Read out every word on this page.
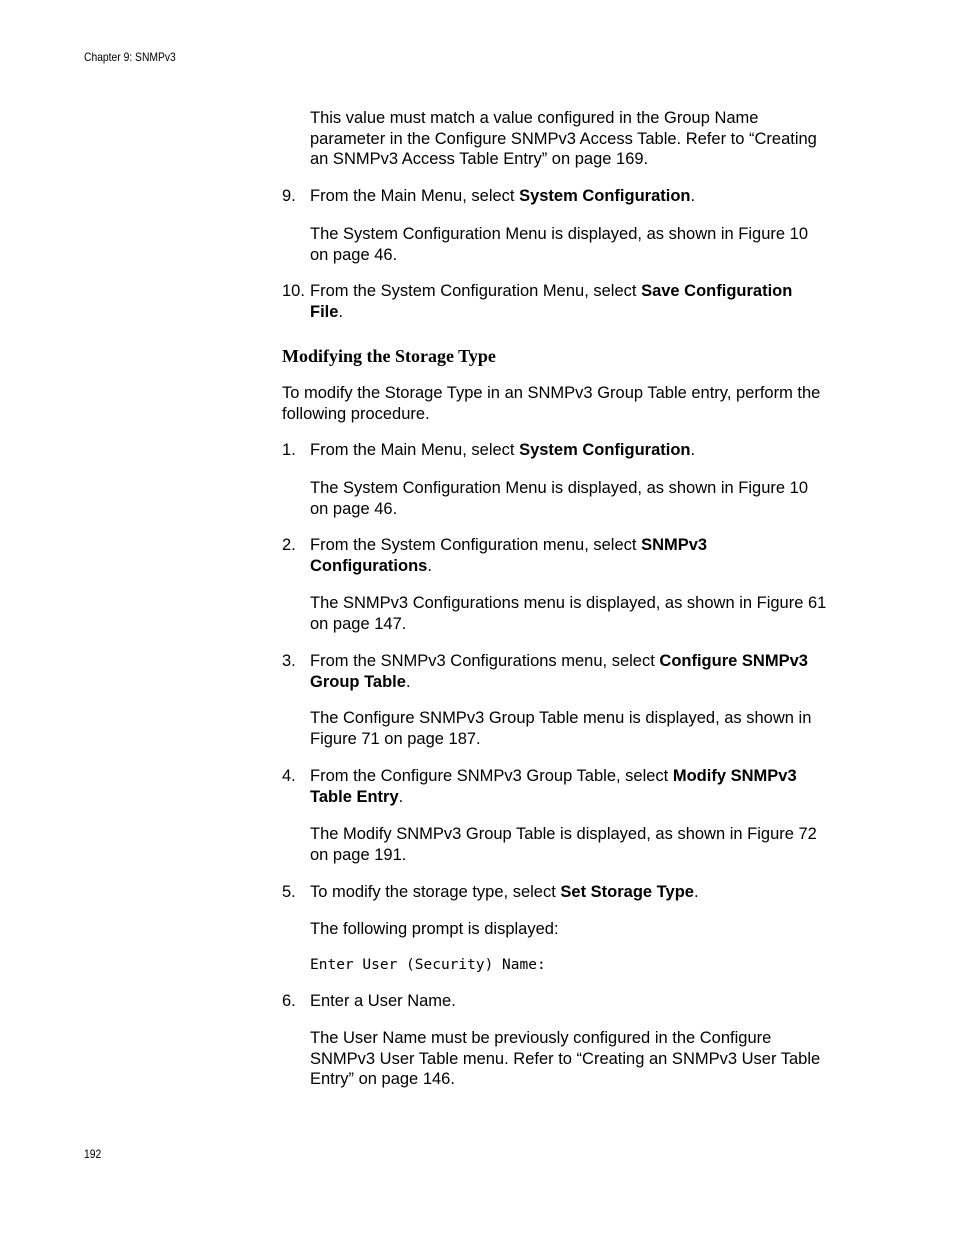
Chapter 9: SNMPv3
This value must match a value configured in the Group Name
parameter in the Configure SNMPv3 Access Table. Refer to “Creating
an SNMPv3 Access Table Entry” on page 169.
9. From the Main Menu, select System Configuration.
The System Configuration Menu is displayed, as shown in Figure 10
on page 46.
10. From the System Configuration Menu, select Save Configuration
File.
Modifying the Storage Type
To modify the Storage Type in an SNMPv3 Group Table entry, perform the
following procedure.
1. From the Main Menu, select System Configuration.
The System Configuration Menu is displayed, as shown in Figure 10
on page 46.
2. From the System Configuration menu, select SNMPv3
Configurations.
The SNMPv3 Configurations menu is displayed, as shown in Figure 61
on page 147.
3. From the SNMPv3 Configurations menu, select Configure SNMPv3
Group Table.
The Configure SNMPv3 Group Table menu is displayed, as shown in
Figure 71 on page 187.
4. From the Configure SNMPv3 Group Table, select Modify SNMPv3
Table Entry.
The Modify SNMPv3 Group Table is displayed, as shown in Figure 72
on page 191.
5. To modify the storage type, select Set Storage Type.
The following prompt is displayed:
Enter User (Security) Name:
6. Enter a User Name.
The User Name must be previously configured in the Configure
SNMPv3 User Table menu. Refer to “Creating an SNMPv3 User Table
Entry” on page 146.
192
